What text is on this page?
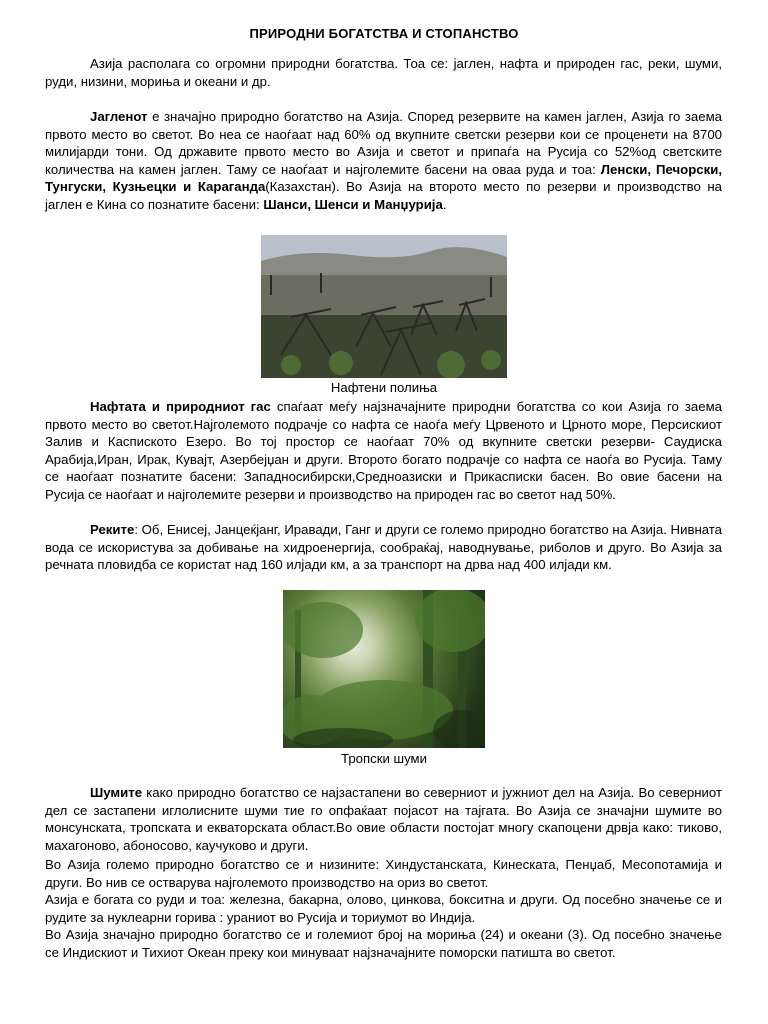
ПРИРОДНИ БОГАТСТВА И СТОПАНСТВО
Азија располага со огромни природни богатства. Тоа се: јаглен, нафта и природен гас, реки, шуми, руди, низини, морињa и океани и др.
Јагленот е значајно природно богатство на Азија. Според резервите на камен јаглен, Азија го заема првото место во светот. Во неа се наоѓаат над 60% од вкупните светски резерви кои се проценети на 8700 милијарди тони. Од државите првото место во Азија и светот и припаѓа на Русија со 52%од светските количества на камен јаглен. Таму се наоѓаат и најголемите басени на оваа руда и тоа: Ленски, Печорски, Тунгуски, Кузњецки и Караганда(Казахстан). Во Азија на второто место по резерви и производство на јаглен е Кина со познатите басени: Шанси, Шенси и Манџурија.
Нафтени полиња
Нафтата и природниот гас спаѓаат меѓу најзначајните природни богатства со кои Азија го заема првото место во светот.Најголемото подрачје со нафта се наоѓа меѓу Црвеното и Црното море, Персискиот Залив и Каспиското Езеро. Во тој простор се наоѓаат 70% од вкупните светски резерви- Саудиска Арабија,Иран, Ирак, Кувајт, Азербејџан и други. Второто богато подрачје со нафта се наоѓа во Русија. Таму се наоѓаат познатите басени: Западносибирски,Средноазиски и Прикасписки басен. Во овие басени на Русија се наоѓаат и најголемите резерви и производство на природен гас во светот над 50%.
Реките: Об, Енисеј, Јанцеќјанг, Иравади, Ганг и други се големо природно богатство на Азија. Нивната вода се искористува за добивање на хидроенергија, сообраќај, наводнување, риболов и друго. Во Азија за речната пловидба се користат над 160 илјади км, а за транспорт на дрва над 400 илјади км.
Тропски шуми
Шумите како природно богатство се најзастапени во северниот и јужниот дел на Азија. Во северниот дел се застапени иглолисните шуми тие го опфаќаат појасот на тајгата. Во Азија се значајни шумите во монсунската, тропската и екваторската област.Во овие области постојат многу скапоцени дрвја како: тиково, махагоново, абоносово, каучуково и други.
Во Азија големо природно богатство се и низините: Хиндустанската, Кинеската, Пенџаб, Месопотамија и други. Во нив се остварува најголемото производство на ориз во светот.
Азија е богата со руди и тоа: железна, бакарна, олово, цинкова, бокситна и други. Од посебно значење се и рудите за нуклеарни горива : ураниот во Русија и ториумот во Индија.
Во Азија значајно природно богатство се и големиот број на мориња (24) и океани (3). Од посебно значење се Индискиот и Тихиот Океан преку кои минуваат најзначајните поморски патишта во светот.
